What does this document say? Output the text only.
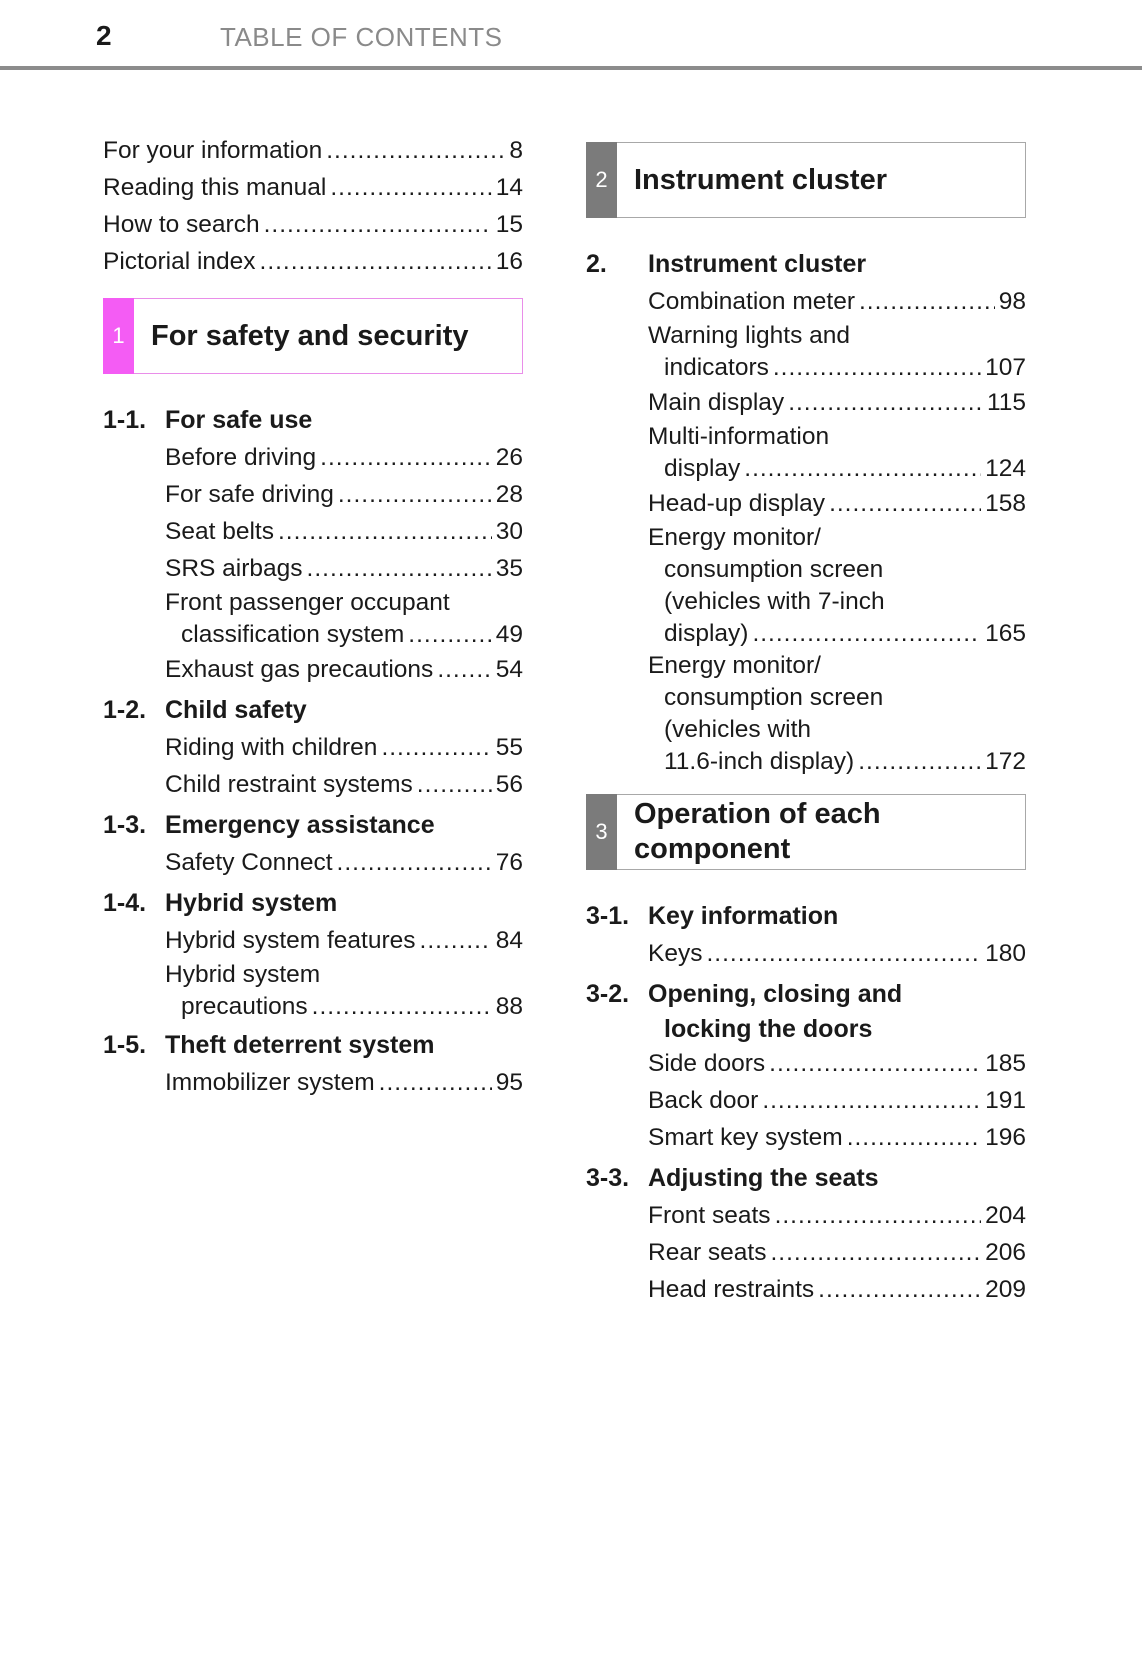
2	TABLE OF CONTENTS
For your information .....	8
Reading this manual .....	14
How to search .....	15
Pictorial index .....	16
1 For safety and security
1-1. For safe use
Before driving .....	26
For safe driving .....	28
Seat belts .....	30
SRS airbags .....	35
Front passenger occupant
classification system .....	49
Exhaust gas precautions .....	54
1-2. Child safety
Riding with children .....	55
Child restraint systems .....	56
1-3. Emergency assistance
Safety Connect .....	76
1-4. Hybrid system
Hybrid system features .....	84
Hybrid system
precautions .....	88
1-5. Theft deterrent system
Immobilizer system .....	95
2 Instrument cluster
2.	Instrument cluster
Combination meter .....	98
Warning lights and
indicators .....	107
Main display .....	115
Multi-information
display .....	124
Head-up display .....	158
Energy monitor/
consumption screen
(vehicles with 7-inch
display) .....	165
Energy monitor/
consumption screen
(vehicles with
11.6-inch display) .....	172
3
Operation of each
component
3-1. Key information
Keys .....	180
3-2. Opening, closing and
locking the doors
Side doors .....	185
Back door .....	191
Smart key system .....	196
3-3. Adjusting the seats
Front seats .....	204
Rear seats .....	206
Head restraints .....	209
